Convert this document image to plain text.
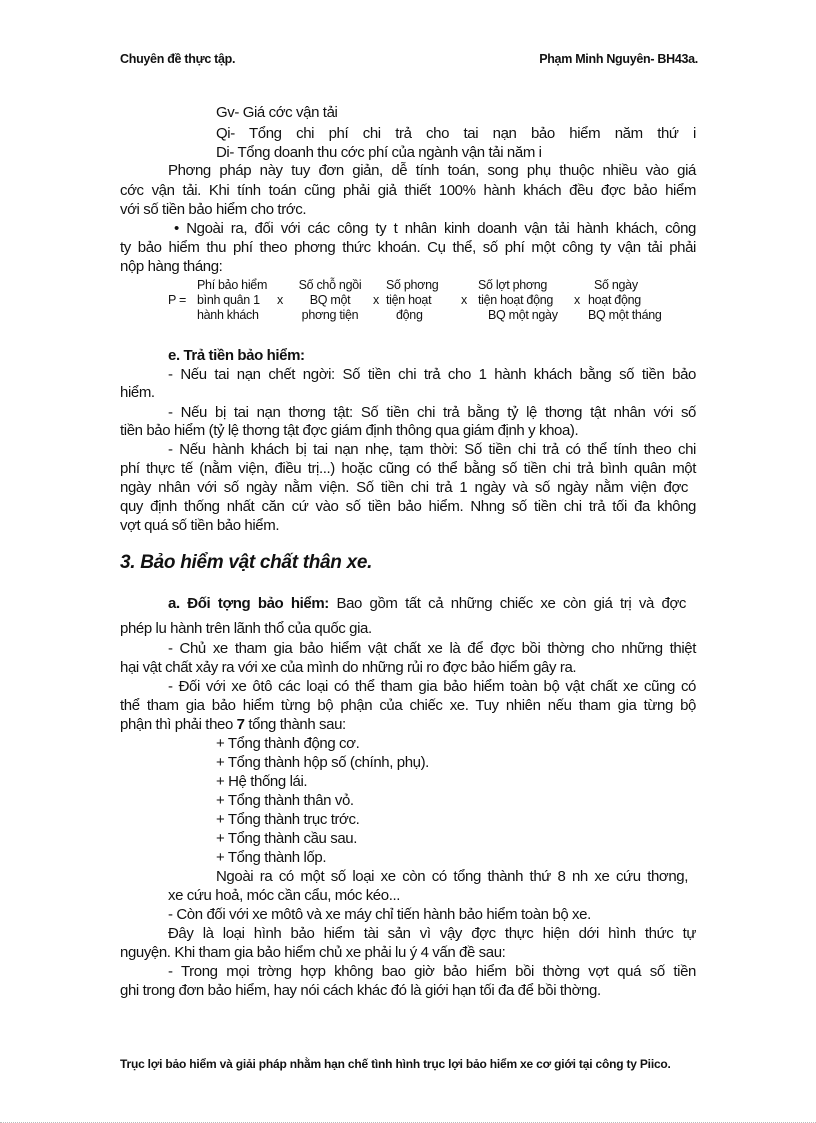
Chuyên đề thực tập.	Phạm Minh Nguyên- BH43a.
Gv- Giá cớc vận tải
Qi- Tổng chi phí chi trả cho tai nạn bảo hiểm năm thứ i
Di- Tổng doanh thu cớc phí của ngành vận tải năm i
Phơng pháp này tuy đơn giản, dễ tính toán, song phụ thuộc nhiều vào giá
cớc vận tải. Khi tính toán cũng phải giả thiết 100% hành khách đều đợc bảo hiểm
với số tiền bảo hiểm cho trớc.
• Ngoài ra, đối với các công ty t nhân kinh doanh vận tải hành khách, công
ty bảo hiểm thu phí theo phơng thức khoán. Cụ thể, số phí một công ty vận tải phải
nộp hàng tháng:
P =
Phí bảo hiểm
bình quân 1
hành khách
x
Số chỗ ngồi
BQ một
phơng tiện
x
Số phơng
tiện hoạt
động
x
Số lợt phơng
tiện hoạt động
BQ một ngày
x
Số ngày
hoạt động
BQ một tháng
e. Trả tiền bảo hiểm:
- Nếu tai nạn chết ngời: Số tiền chi trả cho 1 hành khách bằng số tiền bảo
hiểm.
- Nếu bị tai nạn thơng tật: Số tiền chi trả bằng tỷ lệ thơng tật nhân với số
tiền bảo hiểm (tỷ lệ thơng tật đợc giám định thông qua giám định y khoa).
- Nếu hành khách bị tai nạn nhẹ, tạm thời: Số tiền chi trả có thể tính theo chi
phí thực tế (nằm viện, điều trị...) hoặc cũng có thể bằng số tiền chi trả bình quân một
ngày nhân với số ngày nằm viện. Số tiền chi trả 1 ngày và số ngày nằm viện đợc
quy định thống nhất căn cứ vào số tiền bảo hiểm. Nhng số tiền chi trả tối đa không
vợt quá số tiền bảo hiểm.
3. Bảo hiểm vật chất thân xe.
a. Đối tợng bảo hiểm: Bao gồm tất cả những chiếc xe còn giá trị và đợc
phép lu hành trên lãnh thổ của quốc gia.
- Chủ xe tham gia bảo hiểm vật chất xe là để đợc bồi thờng cho những thiệt
hại vật chất xảy ra với xe của mình do những rủi ro đợc bảo hiểm gây ra.
- Đối với xe ôtô các loại có thể tham gia bảo hiểm toàn bộ vật chất xe cũng có
thể tham gia bảo hiểm từng bộ phận của chiếc xe. Tuy nhiên nếu tham gia từng bộ
phận thì phải theo 7 tổng thành sau:
+ Tổng thành động cơ.
+ Tổng thành hộp số (chính, phụ).
+ Hệ thống lái.
+ Tổng thành thân vỏ.
+ Tổng thành trục trớc.
+ Tổng thành cầu sau.
+ Tổng thành lốp.
Ngoài ra có một số loại xe còn có tổng thành thứ 8 nh xe cứu thơng,
xe cứu hoả, móc cần cẩu, móc kéo...
- Còn đối với xe môtô và xe máy chỉ tiến hành bảo hiểm toàn bộ xe.
Đây là loại hình bảo hiểm tài sản vì vậy đợc thực hiện dới hình thức tự
nguyện. Khi tham gia bảo hiểm chủ xe phải lu ý 4 vấn đề sau:
- Trong mọi trờng hợp không bao giờ bảo hiểm bồi thờng vợt quá số tiền
ghi trong đơn bảo hiểm, hay nói cách khác đó là giới hạn tối đa để bồi thờng.
Trục lợi bảo hiểm và giải pháp nhằm hạn chế tình hình trục lợi bảo hiểm xe cơ giới tại công ty Piico.
